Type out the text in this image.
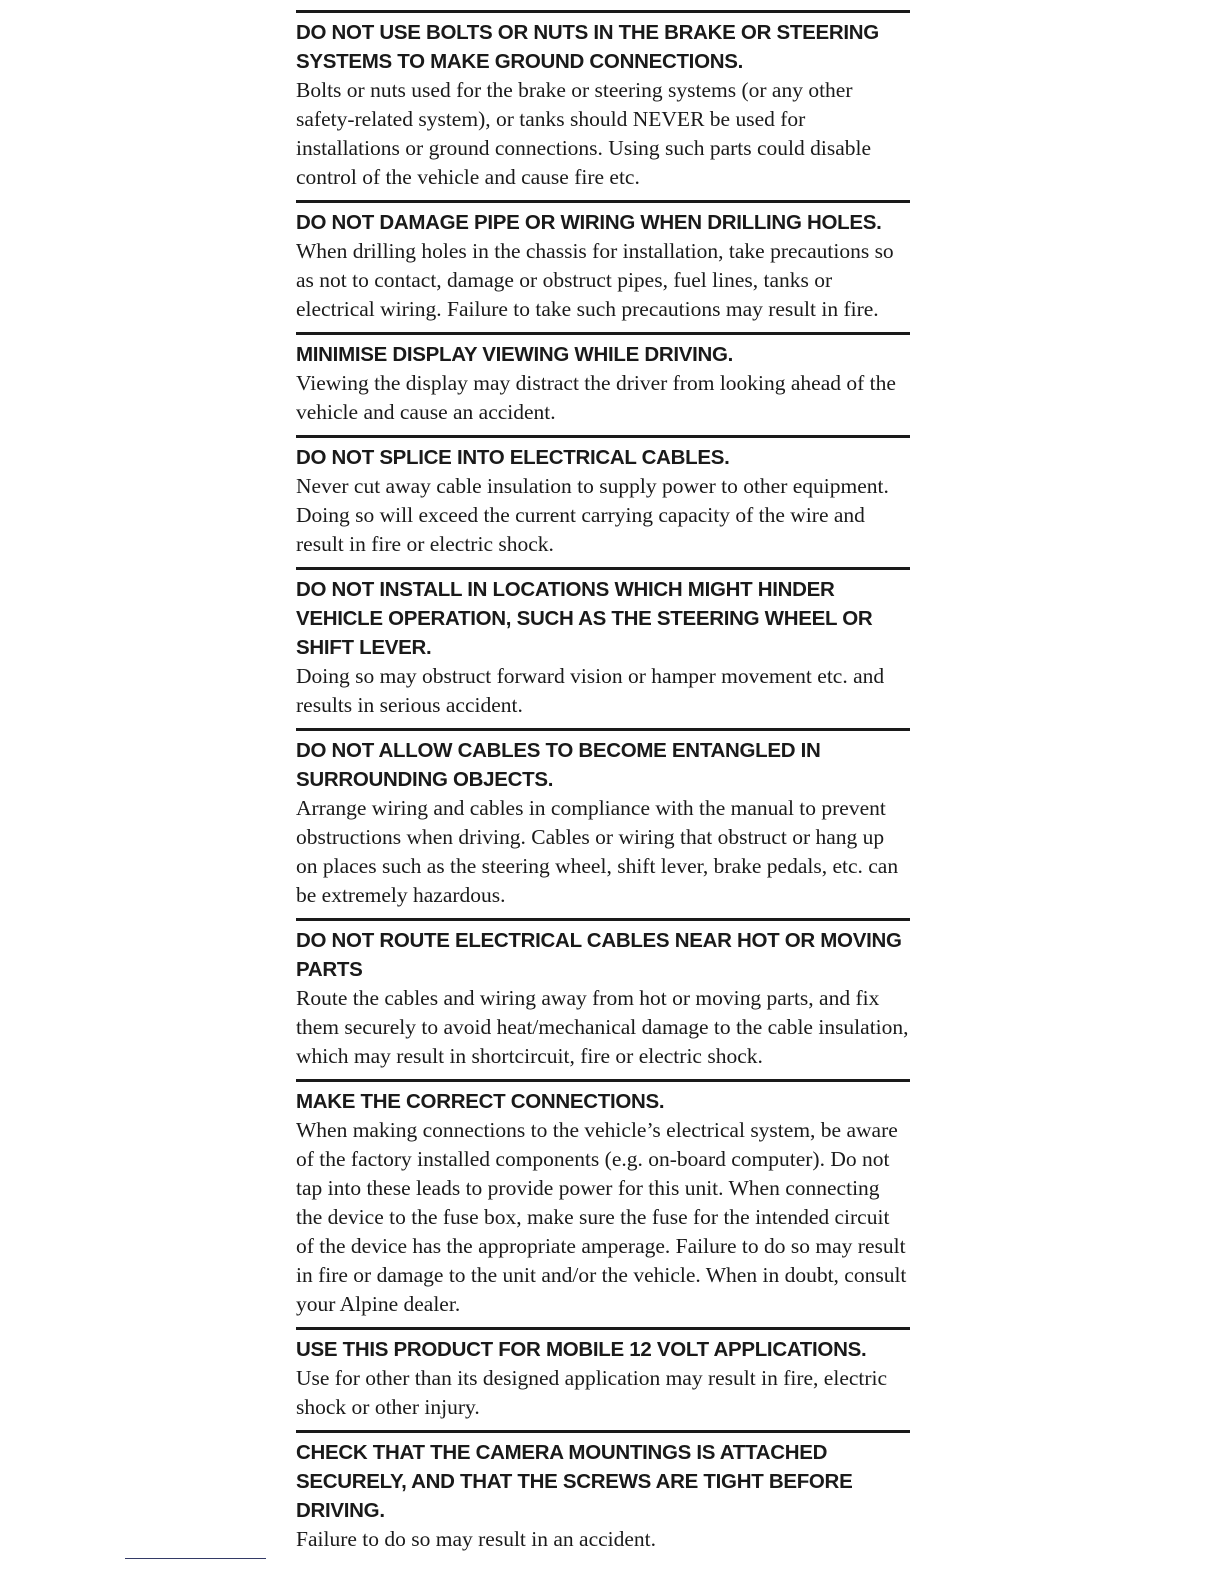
DO NOT USE BOLTS OR NUTS IN THE BRAKE OR STEERING SYSTEMS TO MAKE GROUND CONNECTIONS.

Bolts or nuts used for the brake or steering systems (or any other safety-related system), or tanks should NEVER be used for installations or ground connections. Using such parts could disable control of the vehicle and cause fire etc.

DO NOT DAMAGE PIPE OR WIRING WHEN DRILLING HOLES.

When drilling holes in the chassis for installation, take precautions so as not to contact, damage or obstruct pipes, fuel lines, tanks or electrical wiring. Failure to take such precautions may result in fire.

MINIMISE DISPLAY VIEWING WHILE DRIVING.

Viewing the display may distract the driver from looking ahead of the vehicle and cause an accident.

DO NOT SPLICE INTO ELECTRICAL CABLES.

Never cut away cable insulation to supply power to other equipment. Doing so will exceed the current carrying capacity of the wire and result in fire or electric shock.

DO NOT INSTALL IN LOCATIONS WHICH MIGHT HINDER VEHICLE OPERATION, SUCH AS THE STEERING WHEEL OR SHIFT LEVER.

Doing so may obstruct forward vision or hamper movement etc. and results in serious accident.

DO NOT ALLOW CABLES TO BECOME ENTANGLED IN SURROUNDING OBJECTS.

Arrange wiring and cables in compliance with the manual to prevent obstructions when driving. Cables or wiring that obstruct or hang up on places such as the steering wheel, shift lever, brake pedals, etc. can be extremely hazardous.

DO NOT ROUTE ELECTRICAL CABLES NEAR HOT OR MOVING PARTS

Route the cables and wiring away from hot or moving parts, and fix them securely to avoid heat/mechanical damage to the cable insulation, which may result in shortcircuit, fire or electric shock.

MAKE THE CORRECT CONNECTIONS.

When making connections to the vehicle’s electrical system, be aware of the factory installed components (e.g. on-board computer). Do not tap into these leads to provide power for this unit. When connecting the device to the fuse box, make sure the fuse for the intended circuit of the device has the appropriate amperage. Failure to do so may result in fire or damage to the unit and/or the vehicle. When in doubt, consult your Alpine dealer.

USE THIS PRODUCT FOR MOBILE 12 VOLT APPLICATIONS.

Use for other than its designed application may result in fire, electric shock or other injury.

CHECK THAT THE CAMERA MOUNTINGS IS ATTACHED SECURELY, AND THAT THE SCREWS ARE TIGHT BEFORE DRIVING.

Failure to do so may result in an accident.
